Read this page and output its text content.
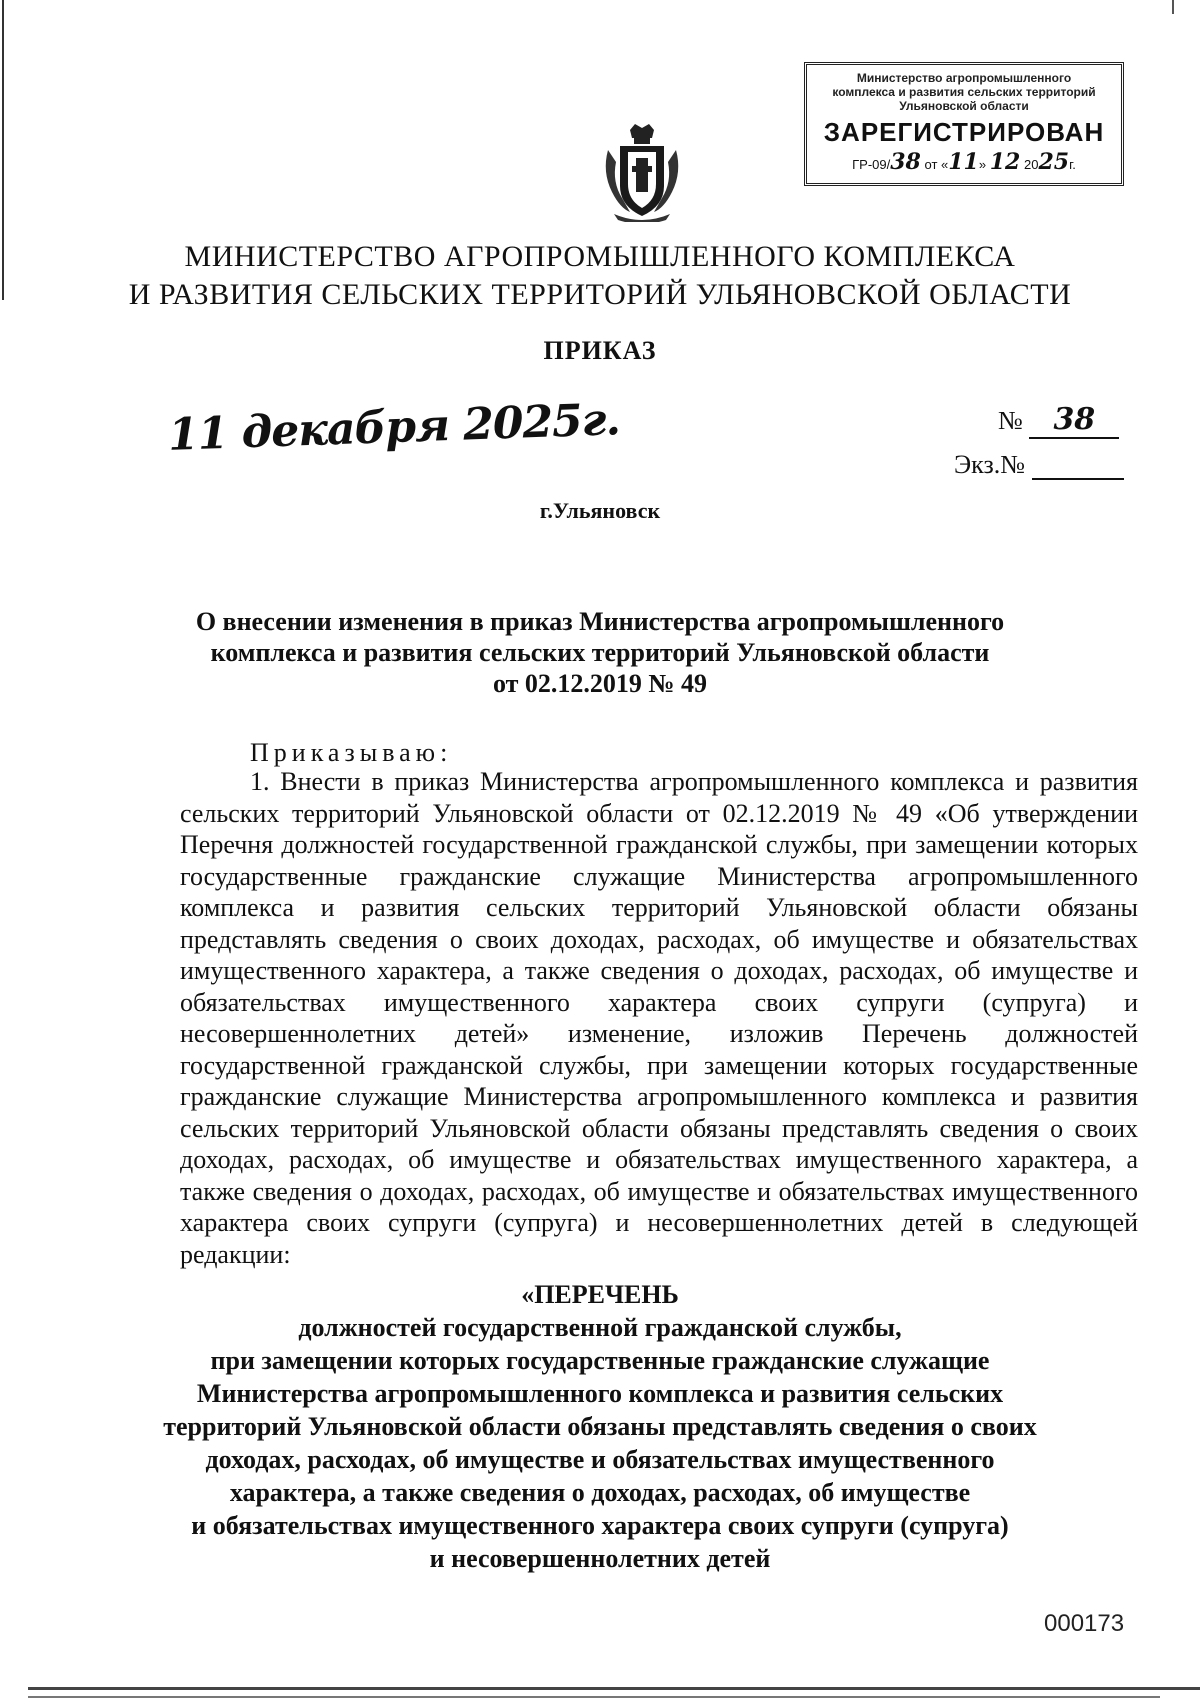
Министерство агропромышленного
комплекса и развития сельских территорий
Ульяновской области
ЗАРЕГИСТРИРОВАН
ГР-09/38 от «11» 12 2025г.
МИНИСТЕРСТВО АГРОПРОМЫШЛЕННОГО КОМПЛЕКСА
И РАЗВИТИЯ СЕЛЬСКИХ ТЕРРИТОРИЙ УЛЬЯНОВСКОЙ ОБЛАСТИ
ПРИКАЗ
11 декабря 2025г.	№ 38
Экз.№
г.Ульяновск
О внесении изменения в приказ Министерства агропромышленного
комплекса и развития сельских территорий Ульяновской области
от 02.12.2019 № 49
Приказываю:
1. Внести в приказ Министерства агропромышленного комплекса и развития сельских территорий Ульяновской области от 02.12.2019 № 49 «Об утверждении Перечня должностей государственной гражданской службы, при замещении которых государственные гражданские служащие Министерства агропромышленного комплекса и развития сельских территорий Ульяновской области обязаны представлять сведения о своих доходах, расходах, об имуществе и обязательствах имущественного характера, а также сведения о доходах, расходах, об имуществе и обязательствах имущественного характера своих супруги (супруга) и несовершеннолетних детей» изменение, изложив Перечень должностей государственной гражданской службы, при замещении которых государственные гражданские служащие Министерства агропромышленного комплекса и развития сельских территорий Ульяновской области обязаны представлять сведения о своих доходах, расходах, об имуществе и обязательствах имущественного характера, а также сведения о доходах, расходах, об имуществе и обязательствах имущественного характера своих супруги (супруга) и несовершеннолетних детей в следующей редакции:
«ПЕРЕЧЕНЬ
должностей государственной гражданской службы,
при замещении которых государственные гражданские служащие
Министерства агропромышленного комплекса и развития сельских
территорий Ульяновской области обязаны представлять сведения о своих
доходах, расходах, об имуществе и обязательствах имущественного
характера, а также сведения о доходах, расходах, об имуществе
и обязательствах имущественного характера своих супруги (супруга)
и несовершеннолетних детей
000173
